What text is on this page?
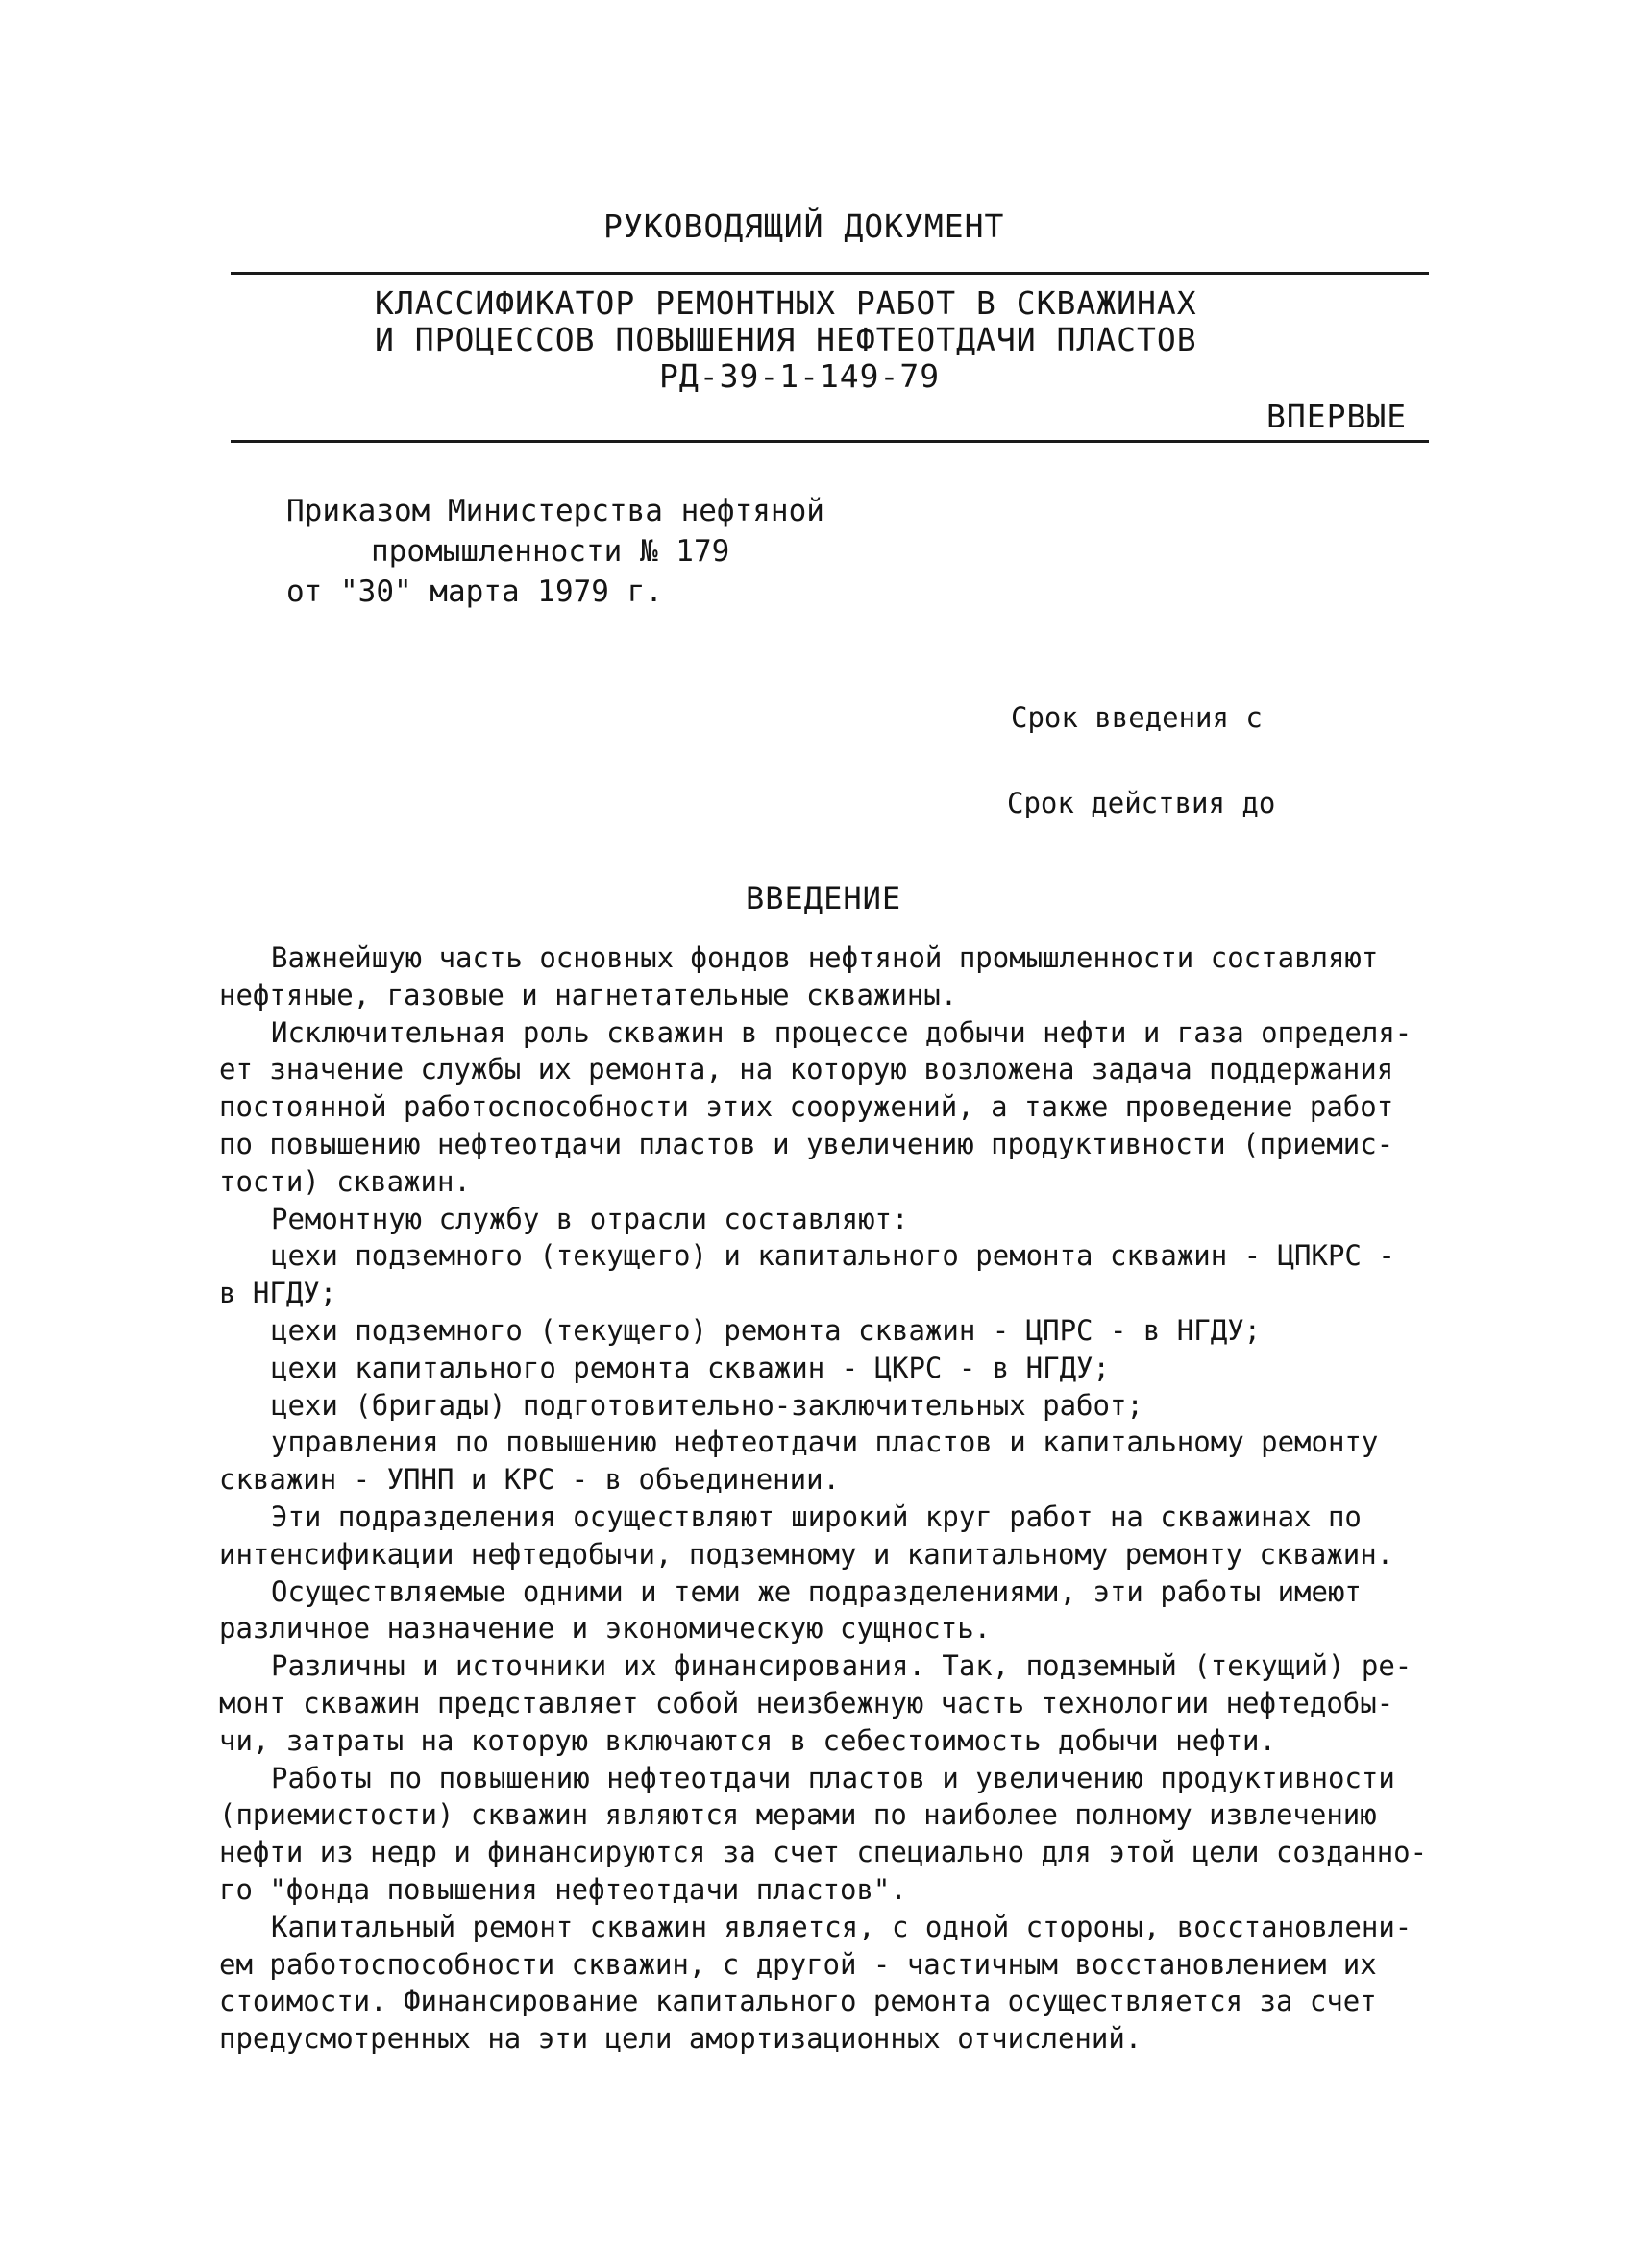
РУКОВОДЯЩИЙ ДОКУМЕНТ
КЛАССИФИКАТОР РЕМОНТНЫХ РАБОТ В СКВАЖИНАХ
И ПРОЦЕССОВ ПОВЫШЕНИЯ НЕФТЕОТДАЧИ ПЛАСТОВ
РД-39-1-149-79
ВПЕРВЫЕ
Приказом Министерства нефтяной
промышленности № 179
от "30" марта 1979 г.
Срок введения с
Срок действия до
ВВЕДЕНИЕ

Важнейшую часть основных фондов нефтяной промышленности составляют

нефтяные, газовые и нагнетательные скважины.

Исключительная роль скважин в процессе добычи нефти и газа определя-

ет значение службы их ремонта, на которую возложена задача поддержания

постоянной работоспособности этих сооружений, а также проведение работ

по повышению нефтеотдачи пластов и увеличению продуктивности (приемис-

тости) скважин.

Ремонтную службу в отрасли составляют:

цехи подземного (текущего) и капитального ремонта скважин - ЦПКРС -

в НГДУ;

цехи подземного (текущего) ремонта скважин - ЦПРС - в НГДУ;

цехи капитального ремонта скважин - ЦКРС - в НГДУ;

цехи (бригады) подготовительно-заключительных работ;

управления по повышению нефтеотдачи пластов и капитальному ремонту

скважин - УПНП и КРС - в объединении.

Эти подразделения осуществляют широкий круг работ на скважинах по

интенсификации нефтедобычи, подземному и капитальному ремонту скважин.

Осуществляемые одними и теми же подразделениями, эти работы имеют

различное назначение и экономическую сущность.

Различны и источники их финансирования. Так, подземный (текущий) ре-

монт скважин представляет собой неизбежную часть технологии нефтедобы-

чи, затраты на которую включаются в себестоимость добычи нефти.

Работы по повышению нефтеотдачи пластов и увеличению продуктивности

(приемистости) скважин являются мерами по наиболее полному извлечению

нефти из недр и финансируются за счет специально для этой цели созданно-

го "фонда повышения нефтеотдачи пластов".

Капитальный ремонт скважин является, с одной стороны, восстановлени-

ем работоспособности скважин, с другой - частичным восстановлением их

стоимости. Финансирование капитального ремонта осуществляется за счет

предусмотренных на эти цели амортизационных отчислений.
